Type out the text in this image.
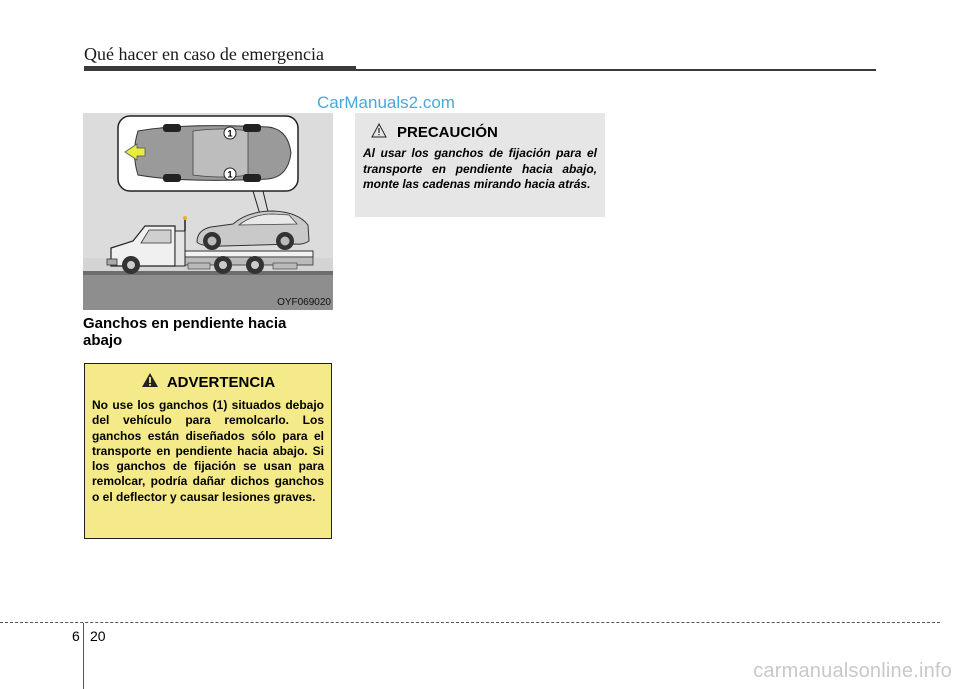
Qué hacer en caso de emergencia
CarManuals2.com
1
1
OYF069020
Ganchos en pendiente hacia abajo
ADVERTENCIA
No use los ganchos (1) situados debajo del vehículo para remolcarlo. Los ganchos están diseñados sólo para el transporte en pendiente hacia abajo. Si los ganchos de fijación se usan para remolcar, podría dañar dichos ganchos o el deflector y causar lesiones graves.
PRECAUCIÓN
Al usar los ganchos de fijación para el transporte en pendiente hacia abajo, monte las cadenas mirando hacia atrás.
6 20
carmanualsonline.info
